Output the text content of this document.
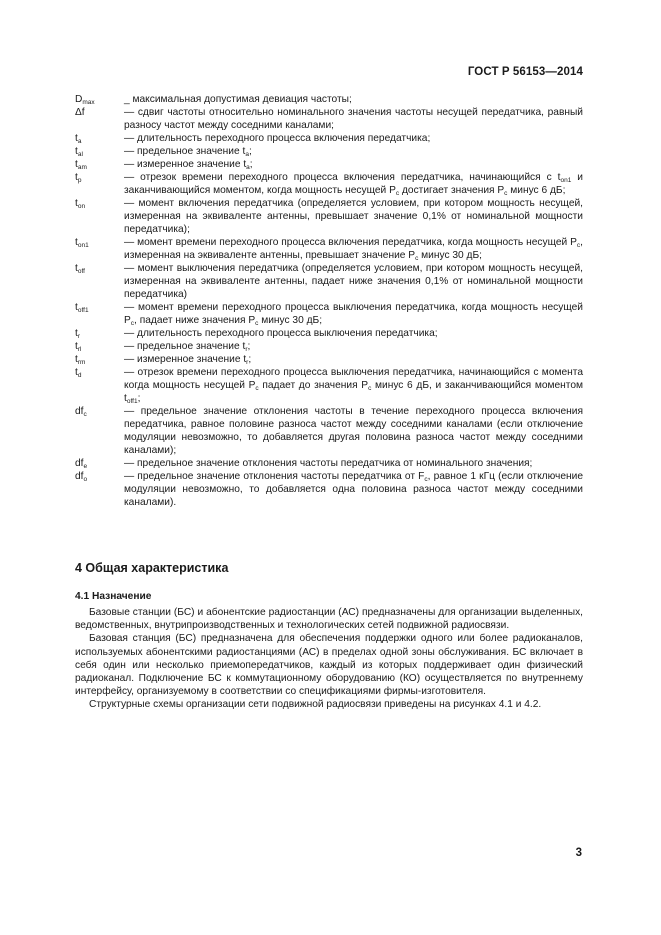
ГОСТ Р 56153—2014
$D_{max}$	_ максимальная допустимая девиация частоты;
Δf	— сдвиг частоты относительно номинального значения частоты несущей передатчика, равный разносу частот между соседними каналами;
$t_a$	— длительность переходного процесса включения передатчика;
$t_{al}$	— предельное значение $t_a$;
$t_{am}$	— измеренное значение $t_a$;
$t_p$	— отрезок времени переходного процесса включения передатчика, начинающийся с $t_{on1}$ и заканчивающийся моментом, когда мощность несущей $P_c$ достигает значения $P_c$ минус 6 дБ;
$t_{on}$	— момент включения передатчика (определяется условием, при котором мощность несущей, измеренная на эквиваленте антенны, превышает значение 0,1% от номинальной мощности передатчика);
$t_{on1}$	— момент времени переходного процесса включения передатчика, когда мощность несущей $P_c$, измеренная на эквиваленте антенны, превышает значение $P_c$ минус 30 дБ;
$t_{off}$	— момент выключения передатчика (определяется условием, при котором мощность несущей, измеренная на эквиваленте антенны, падает ниже значения 0,1% от номинальной мощности передатчика)
$t_{off1}$	— момент времени переходного процесса выключения передатчика, когда мощность несущей $P_c$, падает ниже значения $P_c$ минус 30 дБ;
$t_r$	— длительность переходного процесса выключения передатчика;
$t_{rl}$	— предельное значение $t_r$;
$t_{rm}$	— измеренное значение $t_r$;
$t_d$	— отрезок времени переходного процесса выключения передатчика, начинающийся с момента когда мощность несущей $P_c$ падает до значения $P_c$ минус 6 дБ, и заканчивающийся моментом $t_{off1}$;
$df_c$	— предельное значение отклонения частоты в течение переходного процесса включения передатчика, равное половине разноса частот между соседними каналами (если отключение модуляции невозможно, то добавляется другая половина разноса частот между соседними каналами);
$df_e$	— предельное значение отклонения частоты передатчика от номинального значения;
$df_o$	— предельное значение отклонения частоты передатчика от $F_c$, равное 1 кГц (если отключение модуляции невозможно, то добавляется одна половина разноса частот между соседними каналами).
4 Общая характеристика
4.1 Назначение

Базовые станции (БС) и абонентские радиостанции (АС) предназначены для организации выделенных, ведомственных, внутрипроизводственных и технологических сетей подвижной радиосвязи.

Базовая станция (БС) предназначена для обеспечения поддержки одного или более радиоканалов, используемых абонентскими радиостанциями (АС) в пределах одной зоны обслуживания. БС включает в себя один или несколько приемопередатчиков, каждый из которых поддерживает один физический радиоканал. Подключение БС к коммутационному оборудованию (КО) осуществляется по внутреннему интерфейсу, организуемому в соответствии со спецификациями фирмы-изготовителя.

Структурные схемы организации сети подвижной радиосвязи приведены на рисунках 4.1 и 4.2.

3
